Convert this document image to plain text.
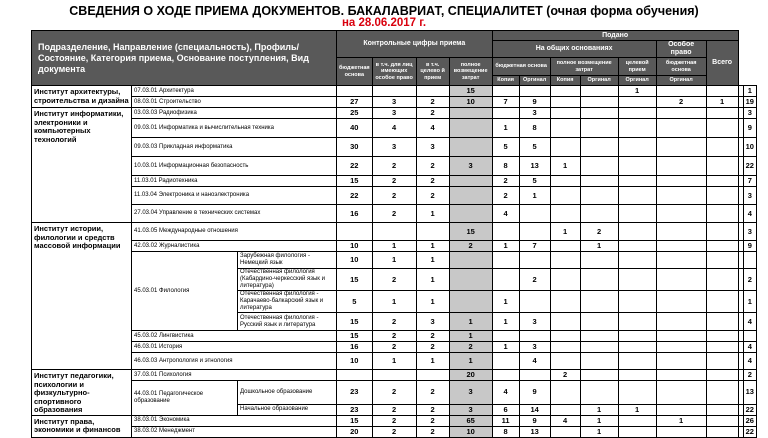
СВЕДЕНИЯ О ХОДЕ ПРИЕМА ДОКУМЕНТОВ. БАКАЛАВРИАТ, СПЕЦИАЛИТЕТ (очная форма обучения)
на 28.06.2017 г.
Подразделение, Направление (специальность), Профиль/Состояние, Категория приема, Основание поступления, Вид документа			Контрольные цифры приема				Подано								
							На общих основаниях					Особое право	Всего		
			бюджетная основа	в т.ч. для лиц имеющих особое право	в т.ч. целево й прием	полное возмещение затрат	бюджетная основа		полное возмещение затрат		целевой прием	бюджетная основа			
							Копия	Оргинал	Копия	Оргинал	Оргинал	Оргинал			
Институт архитектуры, строительства и дизайна	07.03.01 Архитектура					15					1				1
	08.03.01 Строительство		27	3	2	10	7	9				2	1		19
Институт информатики, электроники и компьютерных технологий	03.03.03 Радиофизика		25	3	2			3							3
	09.03.01 Информатика и вычислительная техника		40	4	4		1	8							9
	09.03.03 Прикладная информатика		30	3	3		5	5							10
	10.03.01 Информационная безопасность		22	2	2	3	8	13	1						22
	11.03.01 Радиотехника		15	2	2		2	5							7
	11.03.04 Электроника и наноэлектроника		22	2	2		2	1							3
	27.03.04 Управление в технических системах		16	2	1		4								4
Институт истории, филологии и средств массовой информации	41.03.05 Международные отношения					15			1	2					3
	42.03.02 Журналистика		10	1	1	2	1	7		1					9
	45.03.01 Филология	Зарубежная филология - Немецкий язык	10	1	1										
		Отечественная филология (Кабардино-черкесский язык и литература)	15	2	1			2							2
		Отечественная филология - Карачаево-балкарский язык и литература	5	1	1		1								1
		Отечественная филология - Русский язык и литература	15	2	3	1	1	3							4
	45.03.02 Лингвистика		15	2	2	1									
	46.03.01 История		16	2	2	2	1	3							4
	46.03.03 Антропология и этнология		10	1	1	1		4							4
Институт педагогики, психологии и физкультурно-спортивного образования	37.03.01 Психология					20			2						2
	44.03.01 Педагогическое образование	Дошкольное образование	23	2	2	3	4	9							13
		Начальное образование	23	2	2	3	6	14		1	1				22
Институт права, экономики и финансов	38.03.01 Экономика		15	2	2	65	11	9	4	1		1			26
	38.03.02 Менеджмент		20	2	2	10	8	13		1					22
